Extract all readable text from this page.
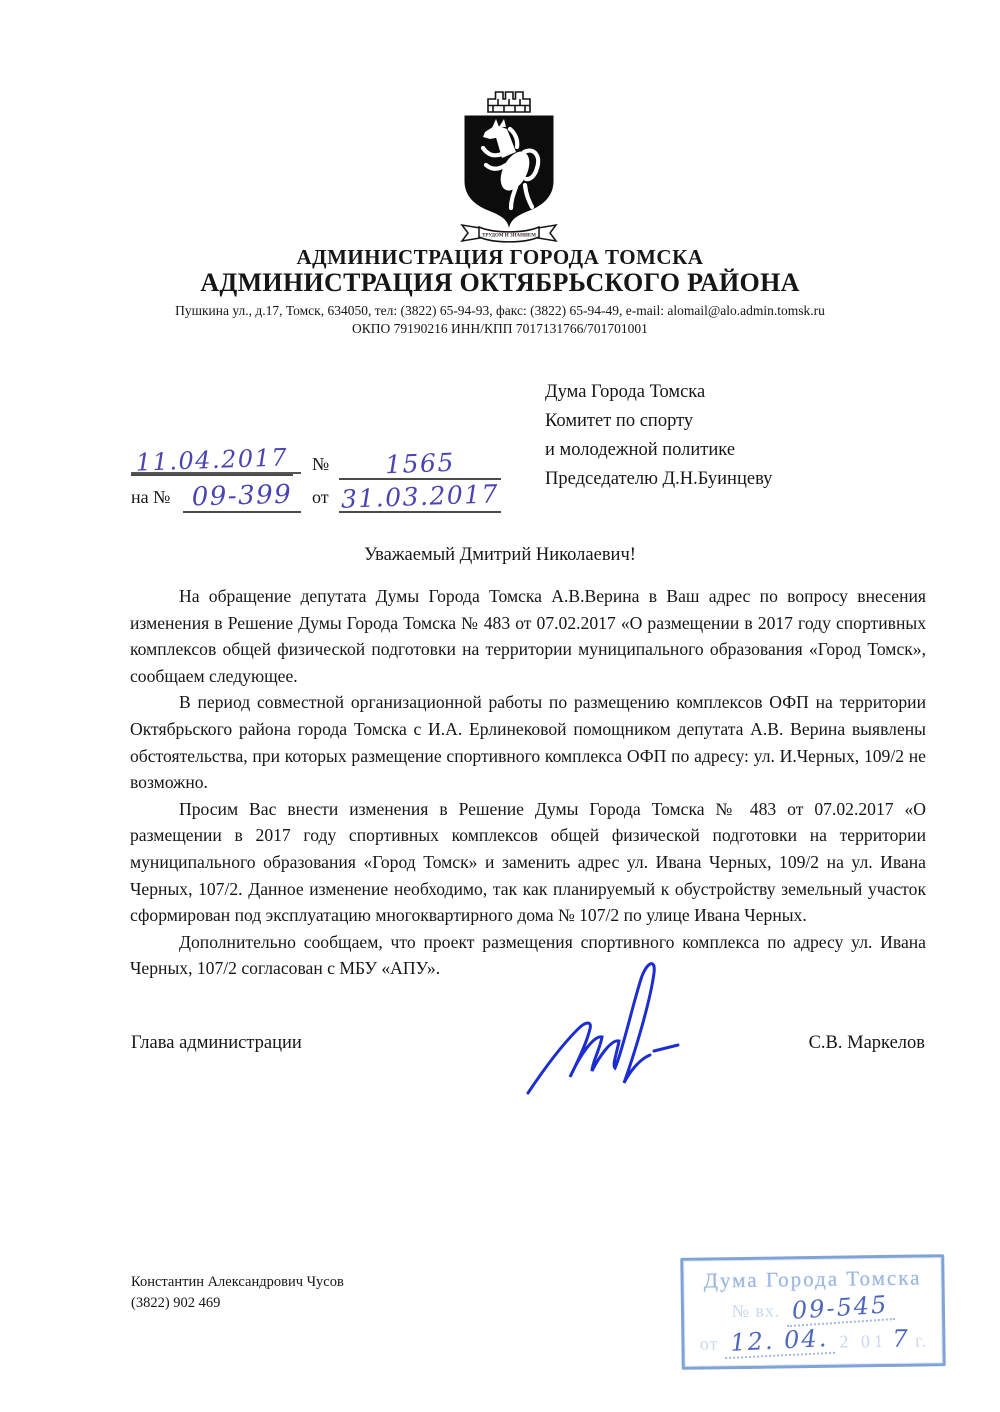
ТРУДОМ И ЗНАНИЕМ
АДМИНИСТРАЦИЯ ГОРОДА ТОМСКА
АДМИНИСТРАЦИЯ ОКТЯБРЬСКОГО РАЙОНА
Пушкина ул., д.17, Томск, 634050, тел: (3822) 65-94-93, факс: (3822) 65-94-49, e-mail: alomail@alo.admin.tomsk.ru
ОКПО 79190216 ИНН/КПП 7017131766/701701001
Дума Города Томска
Комитет по спорту
и молодежной политике
Председателю Д.Н.Буинцеву
11.04.2017 №	1565
на № 09-399	от 31.03.2017
Уважаемый Дмитрий Николаевич!

На обращение депутата Думы Города Томска А.В.Верина в Ваш адрес по вопросу внесения изменения в Решение Думы Города Томска № 483 от 07.02.2017 «О размещении в 2017 году спортивных комплексов общей физической подготовки на территории муниципального образования «Город Томск», сообщаем следующее.

В период совместной организационной работы по размещению комплексов ОФП на территории Октябрьского района города Томска с И.А. Ерлинековой помощником депутата А.В. Верина выявлены обстоятельства, при которых размещение спортивного комплекса ОФП по адресу: ул. И.Черных, 109/2 не возможно.

Просим Вас внести изменения в Решение Думы Города Томска № 483 от 07.02.2017 «О размещении в 2017 году спортивных комплексов общей физической подготовки на территории муниципального образования «Город Томск» и заменить адрес ул. Ивана Черных, 109/2 на ул. Ивана Черных, 107/2. Данное изменение необходимо, так как планируемый к обустройству земельный участок сформирован под эксплуатацию многоквартирного дома № 107/2 по улице Ивана Черных.

Дополнительно сообщаем, что проект размещения спортивного комплекса по адресу ул. Ивана Черных, 107/2 согласован с МБУ «АПУ».

Глава администрации	С.В. Маркелов
Константин Александрович Чусов
(3822) 902 469
Дума Города Томска
№ вх. 09-545
от 12. 04. 2 01 7 г.
